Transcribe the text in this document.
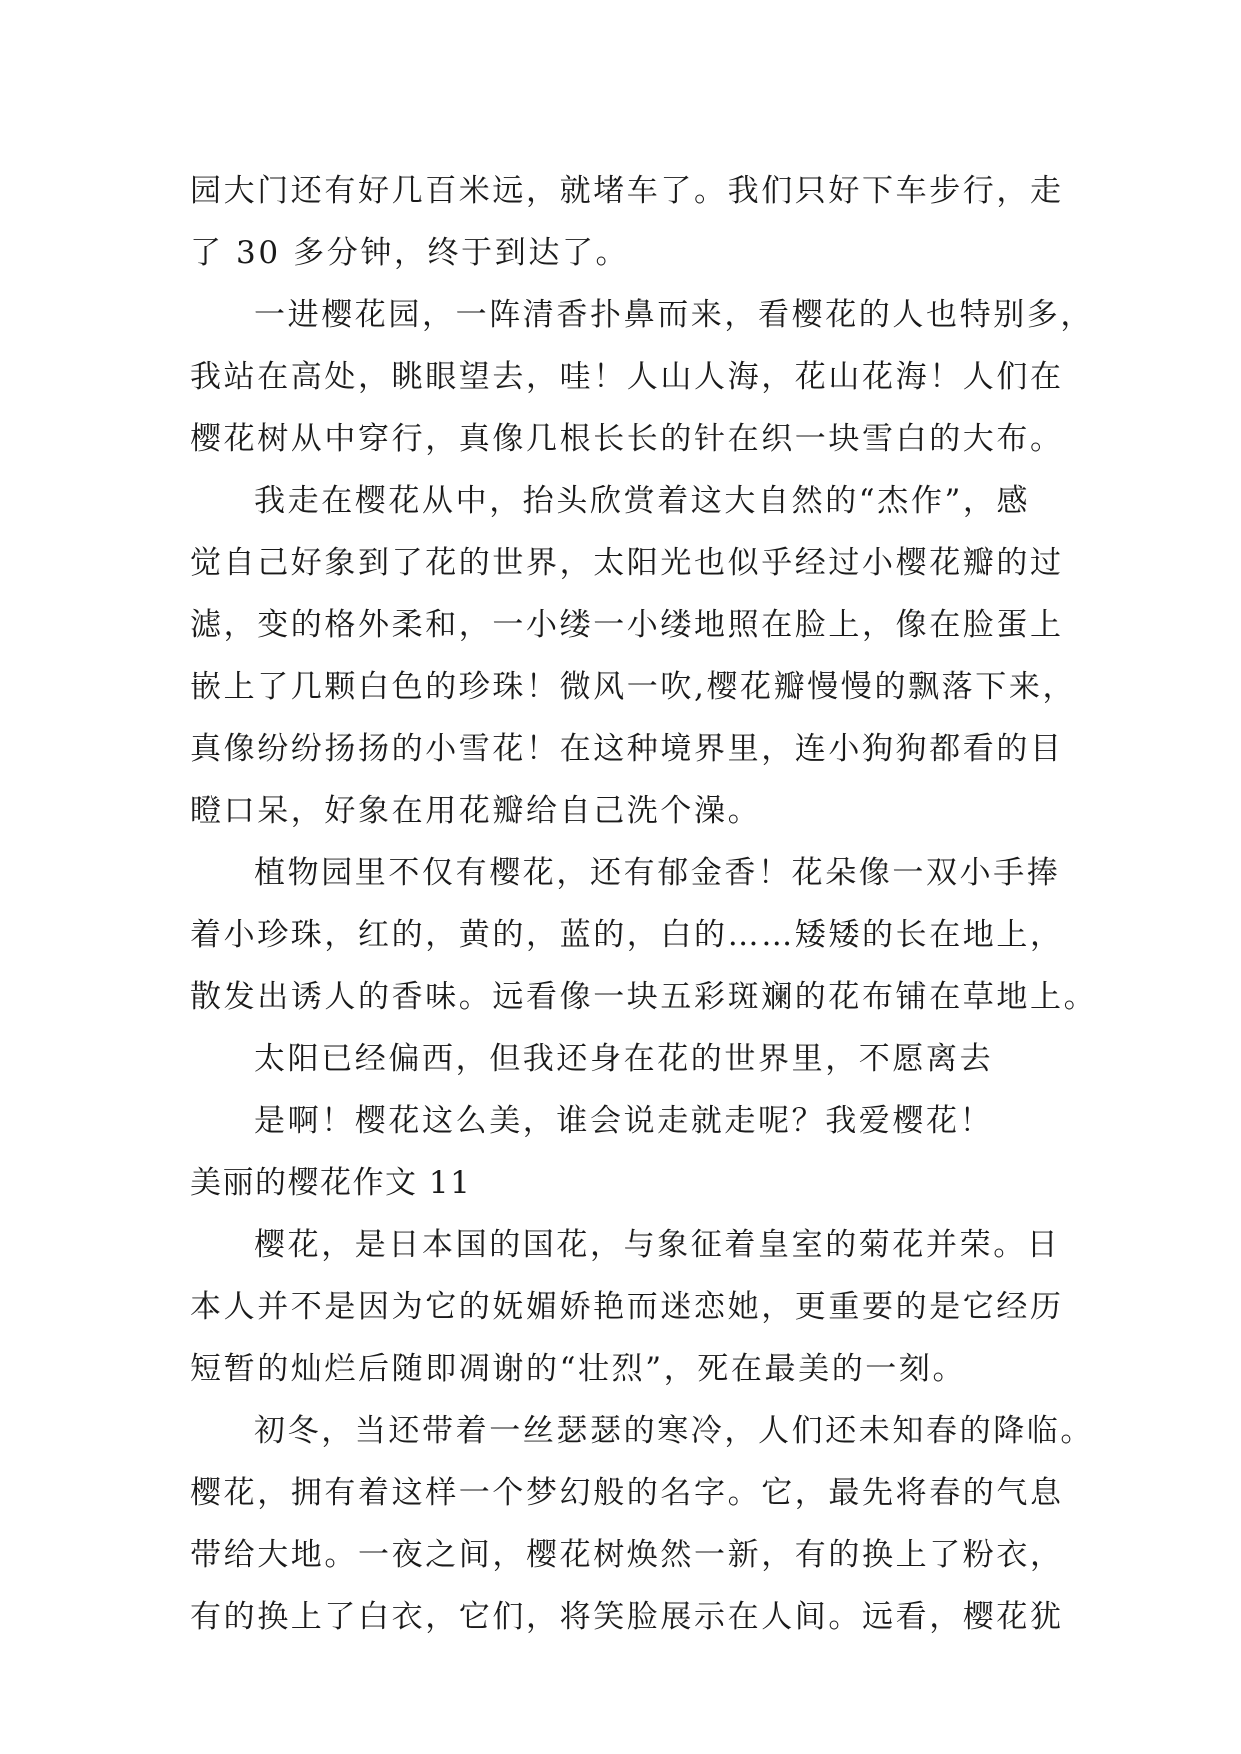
园大门还有好几百米远，就堵车了。我们只好下车步行，走
了 30 多分钟，终于到达了。
一进樱花园，一阵清香扑鼻而来，看樱花的人也特别多，
我站在高处，眺眼望去，哇！人山人海，花山花海！人们在
樱花树从中穿行，真像几根长长的针在织一块雪白的大布。
我走在樱花从中，抬头欣赏着这大自然的“杰作”，感
觉自己好象到了花的世界，太阳光也似乎经过小樱花瓣的过
滤，变的格外柔和，一小缕一小缕地照在脸上，像在脸蛋上
嵌上了几颗白色的珍珠！微风一吹,樱花瓣慢慢的飘落下来，
真像纷纷扬扬的小雪花！在这种境界里，连小狗狗都看的目
瞪口呆，好象在用花瓣给自己洗个澡。
植物园里不仅有樱花，还有郁金香！花朵像一双小手捧
着小珍珠，红的，黄的，蓝的，白的……矮矮的长在地上，
散发出诱人的香味。远看像一块五彩斑斓的花布铺在草地上。
太阳已经偏西，但我还身在花的世界里，不愿离去
是啊！樱花这么美，谁会说走就走呢？我爱樱花！
美丽的樱花作文 11
樱花，是日本国的国花，与象征着皇室的菊花并荣。日
本人并不是因为它的妩媚娇艳而迷恋她，更重要的是它经历
短暂的灿烂后随即凋谢的“壮烈”，死在最美的一刻。
初冬，当还带着一丝瑟瑟的寒冷，人们还未知春的降临。
樱花，拥有着这样一个梦幻般的名字。它，最先将春的气息
带给大地。一夜之间，樱花树焕然一新，有的换上了粉衣，
有的换上了白衣，它们，将笑脸展示在人间。远看，樱花犹
